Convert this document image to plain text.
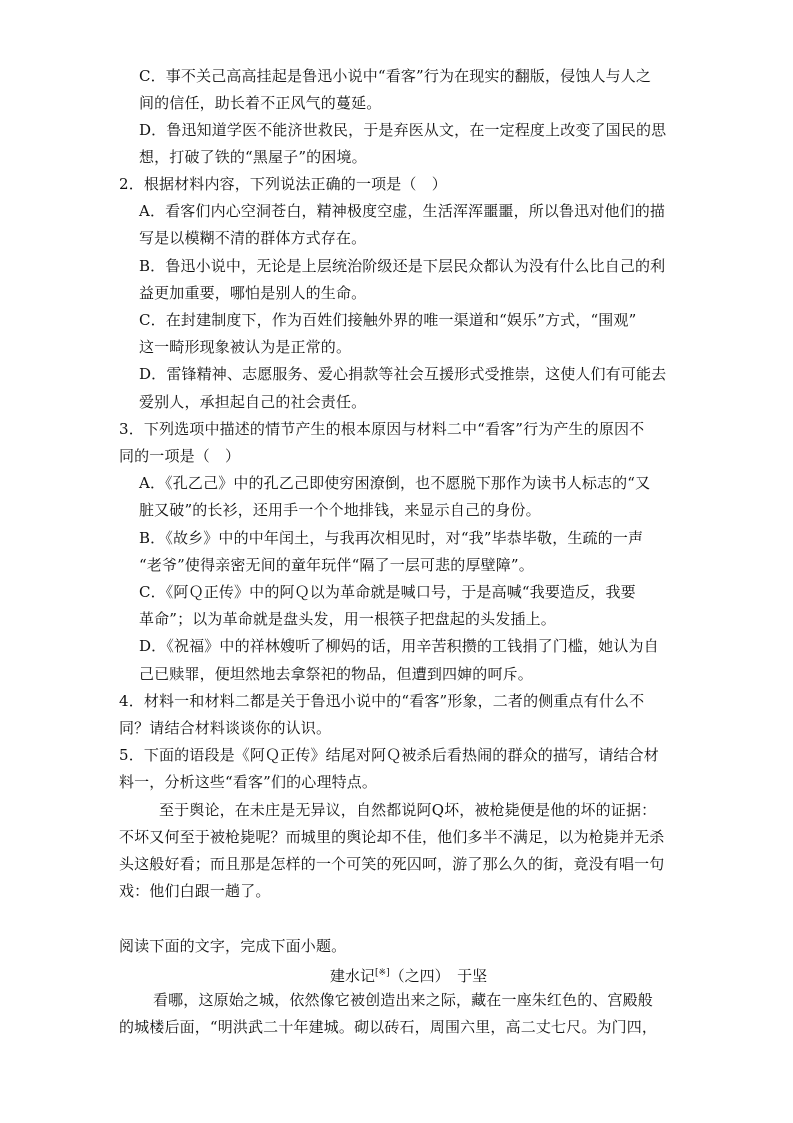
C．事不关己高高挂起是鲁迅小说中“看客”行为在现实的翻版，侵蚀人与人之
间的信任，助长着不正风气的蔓延。
D．鲁迅知道学医不能济世救民，于是弃医从文，在一定程度上改变了国民的思
想，打破了铁的“黑屋子”的困境。
2．根据材料内容，下列说法正确的一项是（　）
A．看客们内心空洞苍白，精神极度空虚，生活浑浑噩噩，所以鲁迅对他们的描
写是以模糊不清的群体方式存在。
B．鲁迅小说中，无论是上层统治阶级还是下层民众都认为没有什么比自己的利
益更加重要，哪怕是别人的生命。
C．在封建制度下，作为百姓们接触外界的唯一渠道和“娱乐”方式，“围观”
这一畸形现象被认为是正常的。
D．雷锋精神、志愿服务、爱心捐款等社会互援形式受推崇，这使人们有可能去
爱别人，承担起自己的社会责任。
3．下列选项中描述的情节产生的根本原因与材料二中“看客”行为产生的原因不
同的一项是（　）
A．《孔乙己》中的孔乙己即使穷困潦倒，也不愿脱下那作为读书人标志的“又
脏又破”的长衫，还用手一个个地排钱，来显示自己的身份。
B．《故乡》中的中年闰土，与我再次相见时，对“我”毕恭毕敬，生疏的一声
“老爷”使得亲密无间的童年玩伴“隔了一层可悲的厚壁障”。
C．《阿Ｑ正传》中的阿Ｑ以为革命就是喊口号，于是高喊“我要造反，我要
革命”；以为革命就是盘头发，用一根筷子把盘起的头发插上。
D．《祝福》中的祥林嫂听了柳妈的话，用辛苦积攒的工钱捐了门槛，她认为自
己已赎罪，便坦然地去拿祭祀的物品，但遭到四婶的呵斥。
4．材料一和材料二都是关于鲁迅小说中的“看客”形象，二者的侧重点有什么不
同？请结合材料谈谈你的认识。
5．下面的语段是《阿Ｑ正传》结尾对阿Ｑ被杀后看热闹的群众的描写，请结合材
料一，分析这些“看客”们的心理特点。
至于舆论，在未庄是无异议，自然都说阿Q坏，被枪毙便是他的坏的证据：
不坏又何至于被枪毙呢？而城里的舆论却不佳，他们多半不满足，以为枪毙并无杀
头这般好看；而且那是怎样的一个可笑的死囚呵，游了那么久的街，竟没有唱一句
戏：他们白跟一趟了。
阅读下面的文字，完成下面小题。
建水记[※]（之四）　于坚
看哪，这原始之城，依然像它被创造出来之际，藏在一座朱红色的、宫殿般
的城楼后面，“明洪武二十年建城。砌以砖石，周围六里，高二丈七尺。为门四，
